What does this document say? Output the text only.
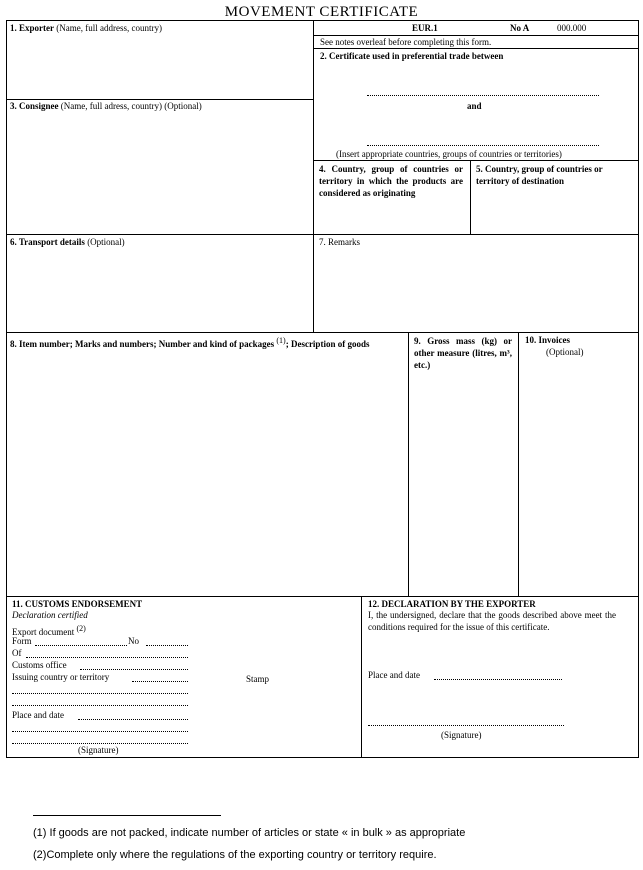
MOVEMENT CERTIFICATE
EUR.1	No A	000.000
See notes overleaf before completing this form.
1. Exporter (Name, full address, country)
2. Certificate used in preferential trade between
and
(Insert appropriate countries, groups of countries or territories)
3. Consignee (Name, full adress, country) (Optional)
4. Country, group of countries or territory in which the products are considered as originating
5. Country, group of countries or territory of destination
6. Transport details (Optional)	7. Remarks
8. Item number; Marks and numbers; Number and kind of packages $^{(1)}$; Description of goods	9. Gross mass (kg) or other measure (litres, m³, etc.)
10. Invoices
(Optional)
11. CUSTOMS ENDORSEMENT
Declaration certified
Export document $^{(2)}$
Form	No
Of
Customs office
Issuing country or territory	Stamp
Place and date
(Signature)
12. DECLARATION BY THE EXPORTER
I, the undersigned, declare that the goods described above meet the conditions required for the issue of this certificate.
Place and date
(Signature)
(1) If goods are not packed, indicate number of articles or state « in bulk » as appropriate
(2)Complete only where the regulations of the exporting country or territory require.
